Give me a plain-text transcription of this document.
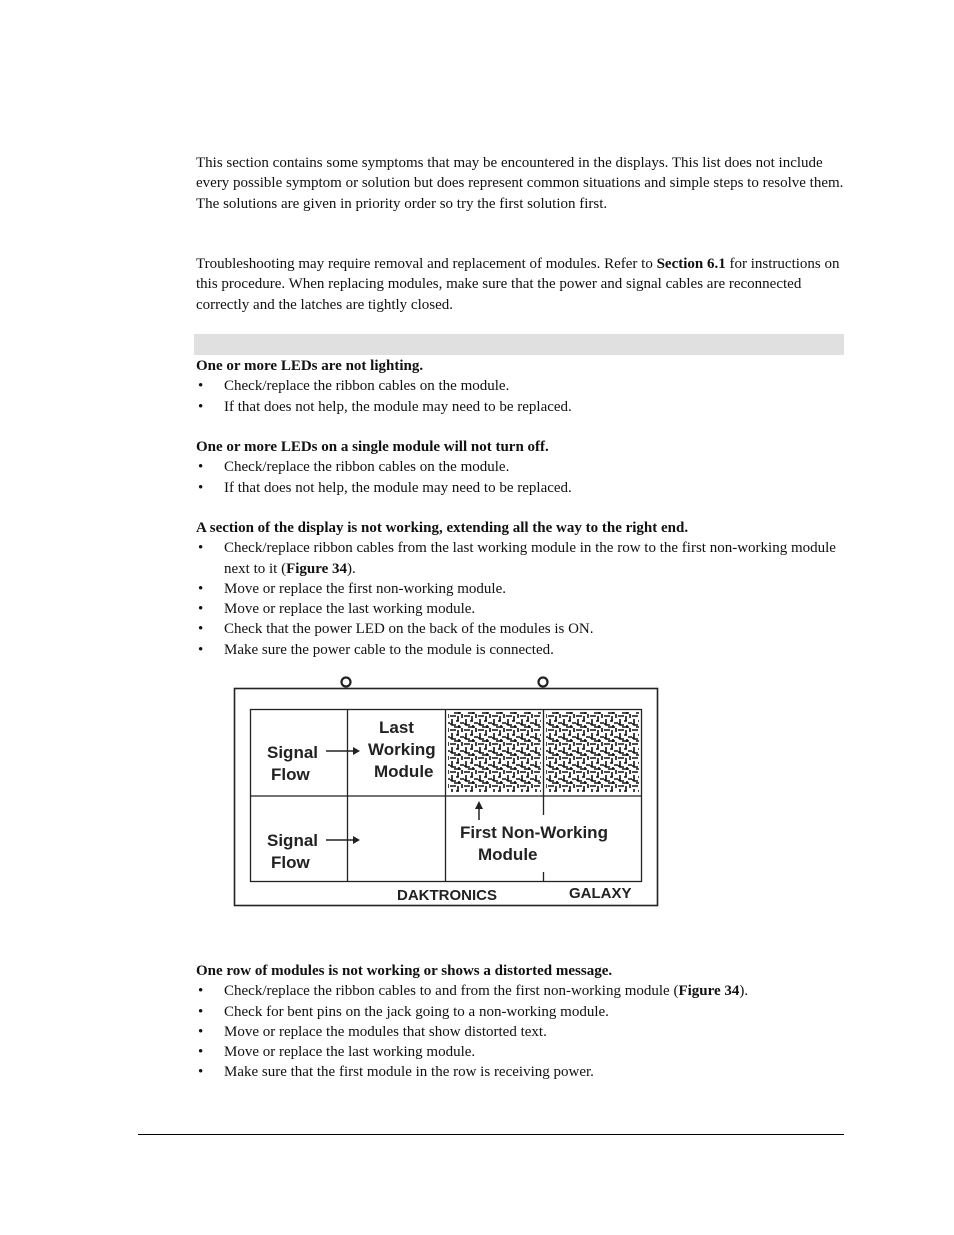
This section contains some symptoms that may be encountered in the displays. This list does not include every possible symptom or solution but does represent common situations and simple steps to resolve them. The solutions are given in priority order so try the first solution first.

Troubleshooting may require removal and replacement of modules. Refer to Section 6.1 for instructions on this procedure. When replacing modules, make sure that the power and signal cables are reconnected correctly and the latches are tightly closed.

One or more LEDs are not lighting.

• Check/replace the ribbon cables on the module.
• If that does not help, the module may need to be replaced.

One or more LEDs on a single module will not turn off.

• Check/replace the ribbon cables on the module.
• If that does not help, the module may need to be replaced.

A section of the display is not working, extending all the way to the right end.

• Check/replace ribbon cables from the last working module in the row to the first non-working module next to it (Figure 34).
• Move or replace the first non-working module.
• Move or replace the last working module.
• Check that the power LED on the back of the modules is ON.
• Make sure the power cable to the module is connected.
Signal
Flow
Last
Working
Module
Signal
Flow
First Non-Working
Module
DAKTRONICS	GALAXY

One row of modules is not working or shows a distorted message.

• Check/replace the ribbon cables to and from the first non-working module (Figure 34).
• Check for bent pins on the jack going to a non-working module.
• Move or replace the modules that show distorted text.
• Move or replace the last working module.
• Make sure that the first module in the row is receiving power.
